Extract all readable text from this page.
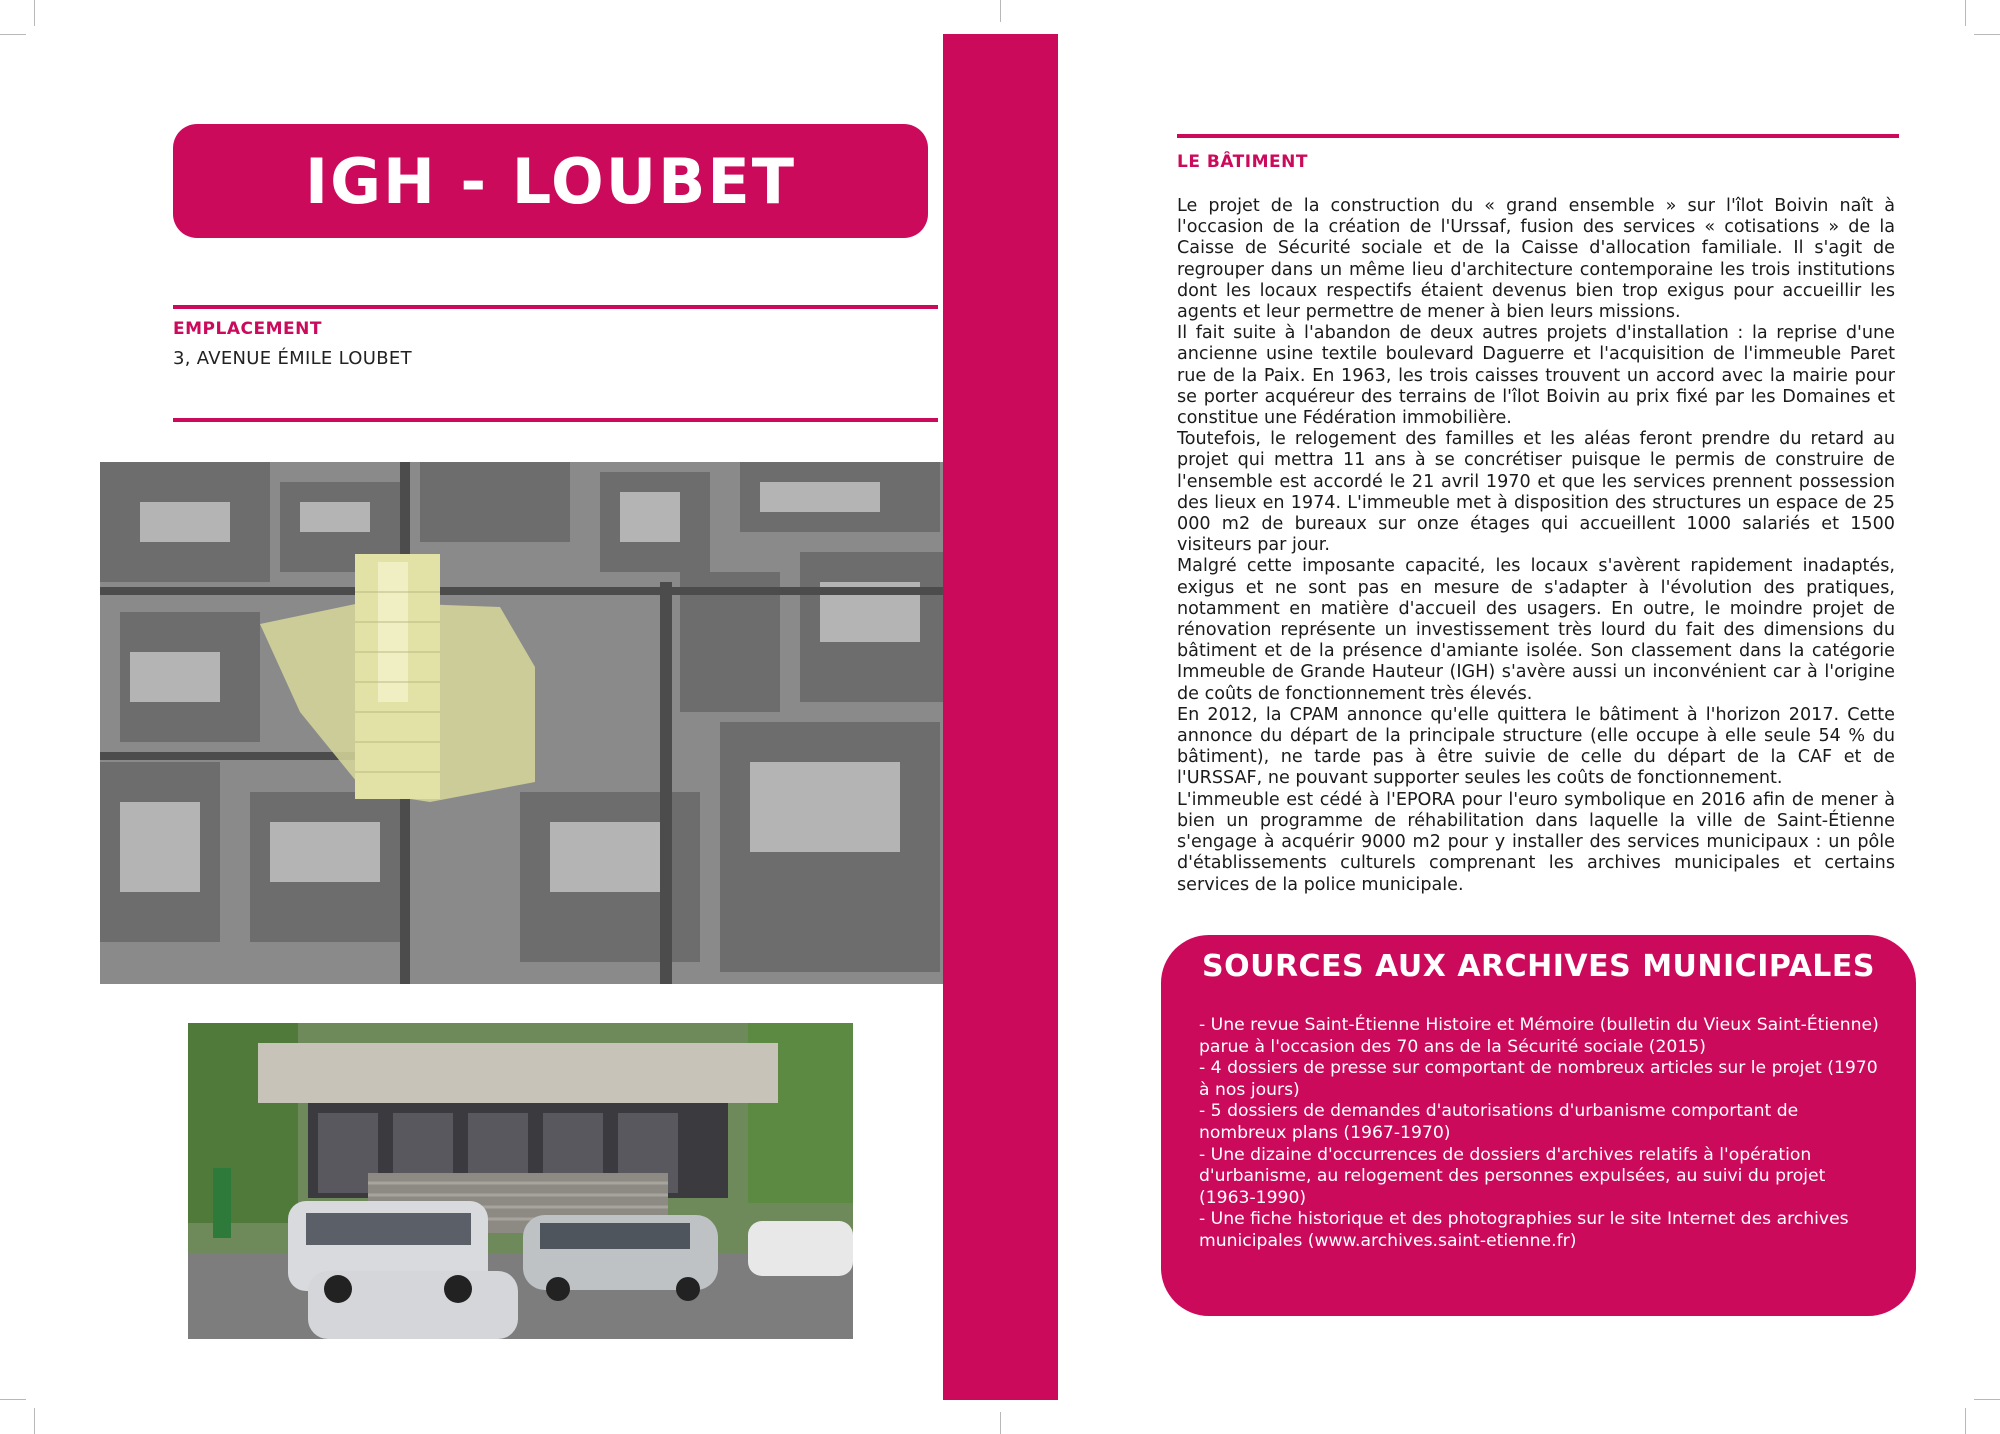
IGH - LOUBET
EMPLACEMENT
3, AVENUE ÉMILE LOUBET
LE BÂTIMENT

Le projet de la construction du « grand ensemble » sur l'îlot Boivin naît à l'occasion de la création de l'Urssaf, fusion des services « cotisations » de la Caisse de Sécurité sociale et de la Caisse d'allocation familiale. Il s'agit de regrouper dans un même lieu d'architecture contemporaine les trois institutions dont les locaux respectifs étaient devenus bien trop exigus pour accueillir les agents et leur permettre de mener à bien leurs missions.

Il fait suite à l'abandon de deux autres projets d'installation : la reprise d'une ancienne usine textile boulevard Daguerre et l'acquisition de l'immeuble Paret rue de la Paix. En 1963, les trois caisses trouvent un accord avec la mairie pour se porter acquéreur des terrains de l'îlot Boivin au prix fixé par les Domaines et constitue une Fédération immobilière.

Toutefois, le relogement des familles et les aléas feront prendre du retard au projet qui mettra 11 ans à se concrétiser puisque le permis de construire de l'ensemble est accordé le 21 avril 1970 et que les services prennent possession des lieux en 1974. L'immeuble met à disposition des structures un espace de 25 000 m2 de bureaux sur onze étages qui accueillent 1000 salariés et 1500 visiteurs par jour.

Malgré cette imposante capacité, les locaux s'avèrent rapidement inadaptés, exigus et ne sont pas en mesure de s'adapter à l'évolution des pratiques, notamment en matière d'accueil des usagers. En outre, le moindre projet de rénovation représente un investissement très lourd du fait des dimensions du bâtiment et de la présence d'amiante isolée. Son classement dans la catégorie Immeuble de Grande Hauteur (IGH) s'avère aussi un inconvénient car à l'origine de coûts de fonctionnement très élevés.

En 2012, la CPAM annonce qu'elle quittera le bâtiment à l'horizon 2017. Cette annonce du départ de la principale structure (elle occupe à elle seule 54 % du bâtiment), ne tarde pas à être suivie de celle du départ de la CAF et de l'URSSAF, ne pouvant supporter seules les coûts de fonctionnement.

L'immeuble est cédé à l'EPORA pour l'euro symbolique en 2016 afin de mener à bien un programme de réhabilitation dans laquelle la ville de Saint-Étienne s'engage à acquérir 9000 m2 pour y installer des services municipaux : un pôle d'établissements culturels comprenant les archives municipales et certains services de la police municipale.

SOURCES AUX ARCHIVES MUNICIPALES
- Une revue Saint-Étienne Histoire et Mémoire (bulletin du Vieux Saint-Étienne) parue à l'occasion des 70 ans de la Sécurité sociale (2015)
- 4 dossiers de presse sur comportant de nombreux articles sur le projet (1970 à nos jours)
- 5 dossiers de demandes d'autorisations d'urbanisme comportant de nombreux plans (1967-1970)
- Une dizaine d'occurrences de dossiers d'archives relatifs à l'opération d'urbanisme, au relogement des personnes expulsées, au suivi du projet (1963-1990)
- Une fiche historique et des photographies sur le site Internet des archives municipales (www.archives.saint-etienne.fr)
